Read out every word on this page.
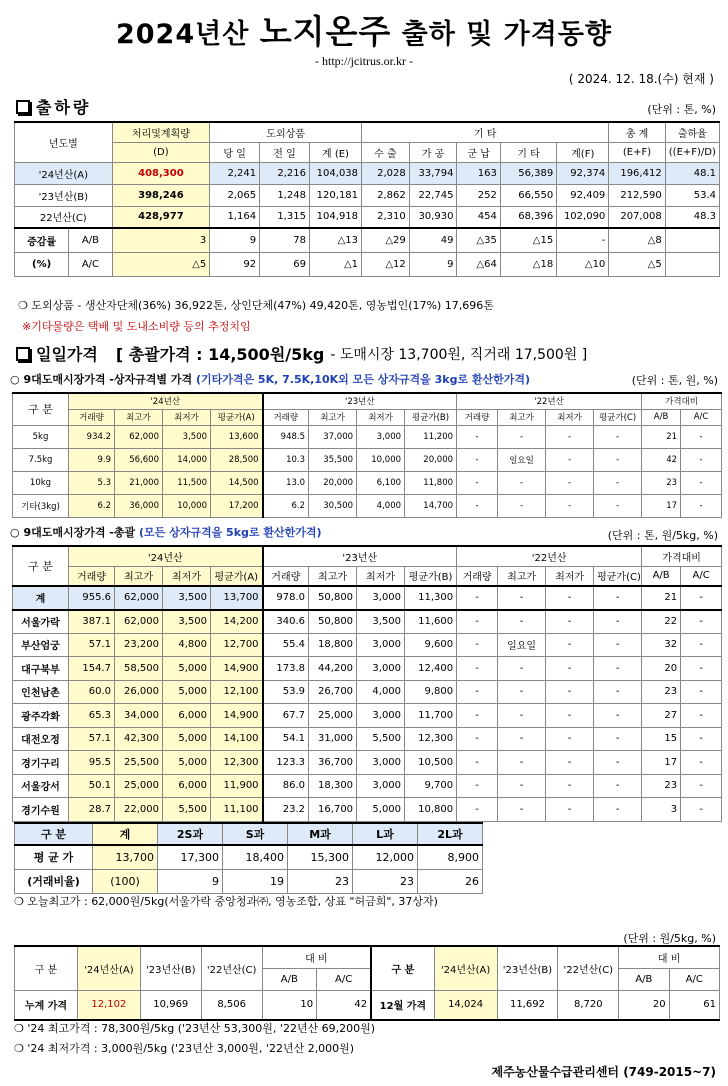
2024년산 노지온주 출하 및 가격동향
- http://jcitrus.or.kr -
( 2024. 12. 18.(수) 현재 )
출하량	(단위 : 톤, %)
년도별		처리및계획량	도외상품			기 타					총 계	출하율
		(D)	당 일	전 일	계 (E)	수 출	가 공	군 납	기 타	계(F)	(E+F)	((E+F)/D)
'24년산(A)		408,300	2,241	2,216	104,038	2,028	33,794	163	56,389	92,374	196,412	48.1
'23년산(B)		398,246	2,065	1,248	120,181	2,862	22,745	252	66,550	92,409	212,590	53.4
22년산(C)		428,977	1,164	1,315	104,918	2,310	30,930	454	68,396	102,090	207,008	48.3
증감률	A/B	3	9	78	△13	△29	49	△35	△15	-	△8	
(%)	A/C	△5	92	69	△1	△12	9	△64	△18	△10	△5	
❍ 도외상품 - 생산자단체(36%) 36,922톤, 상인단체(47%) 49,420톤, 영농법인(17%) 17,696톤
※기타물량은 택배 및 도내소비량 등의 추정치임
일일가격 [ 총괄가격 : 14,500원/5kg - 도매시장 13,700원, 직거래 17,500원 ]
○ 9대도매시장가격 -상자규격별 가격 (기타가격은 5K, 7.5K,10K외 모든 상자규격을 3kg로 환산한가격)	(단위 : 톤, 원, %)
구 분	'24년산				'23년산				'22년산				가격대비	
	거래량	최고가	최저가	평균가(A)	거래량	최고가	최저가	평균가(B)	거래량	최고가	최저가	평균가(C)	A/B	A/C
5kg	934.2	62,000	3,500	13,600	948.5	37,000	3,000	11,200	-	-	-	-	21	-
7.5kg	9.9	56,600	14,000	28,500	10.3	35,500	10,000	20,000	-	일요일	-	-	42	-
10kg	5.3	21,000	11,500	14,500	13.0	20,000	6,100	11,800	-	-	-	-	23	-
기타(3kg)	6.2	36,000	10,000	17,200	6.2	30,500	4,000	14,700	-	-	-	-	17	-
○ 9대도매시장가격 -총괄 (모든 상자규격을 5kg로 환산한가격)	(단위 : 톤, 원/5kg, %)
구 분	'24년산				'23년산				'22년산				가격대비	
	거래량	최고가	최저가	평균가(A)	거래량	최고가	최저가	평균가(B)	거래량	최고가	최저가	평균가(C)	A/B	A/C
계	955.6	62,000	3,500	13,700	978.0	50,800	3,000	11,300	-	-	-	-	21	-
서울가락	387.1	62,000	3,500	14,200	340.6	50,800	3,500	11,600	-	-	-	-	22	-
부산엄궁	57.1	23,200	4,800	12,700	55.4	18,800	3,000	9,600	-	일요일	-	-	32	-
대구북부	154.7	58,500	5,000	14,900	173.8	44,200	3,000	12,400	-	-	-	-	20	-
인천남촌	60.0	26,000	5,000	12,100	53.9	26,700	4,000	9,800	-	-	-	-	23	-
광주각화	65.3	34,000	6,000	14,900	67.7	25,000	3,000	11,700	-	-	-	-	27	-
대전오정	57.1	42,300	5,000	14,100	54.1	31,000	5,500	12,300	-	-	-	-	15	-
경기구리	95.5	25,500	5,000	12,300	123.3	36,700	3,000	10,500	-	-	-	-	17	-
서울강서	50.1	25,000	6,000	11,900	86.0	18,300	3,000	9,700	-	-	-	-	23	-
경기수원	28.7	22,000	5,500	11,100	23.2	16,700	5,000	10,800	-	-	-	-	3	-
구 분	계	2S과	S과	M과	L과	2L과
평 균 가	13,700	17,300	18,400	15,300	12,000	8,900
(거래비율)	(100)	9	19	23	23	26
❍ 오늘최고가 : 62,000원/5kg(서울가락 중앙청과㈜, 영농조합, 상표 "허금희", 37상자)
(단위 : 원/5kg, %)
구 분	'24년산(A)	'23년산(B)	'22년산(C)	대 비		구 분	'24년산(A)	'23년산(B)	'22년산(C)	대 비	
				A/B	A/C					A/B	A/C
누계 가격	12,102	10,969	8,506	10	42	12월 가격	14,024	11,692	8,720	20	61
❍ '24 최고가격 : 78,300원/5kg ('23년산 53,300원, '22년산 69,200원)
❍ '24 최저가격 : 3,000원/5kg ('23년산 3,000원, '22년산 2,000원)
제주농산물수급관리센터 (749-2015~7)
